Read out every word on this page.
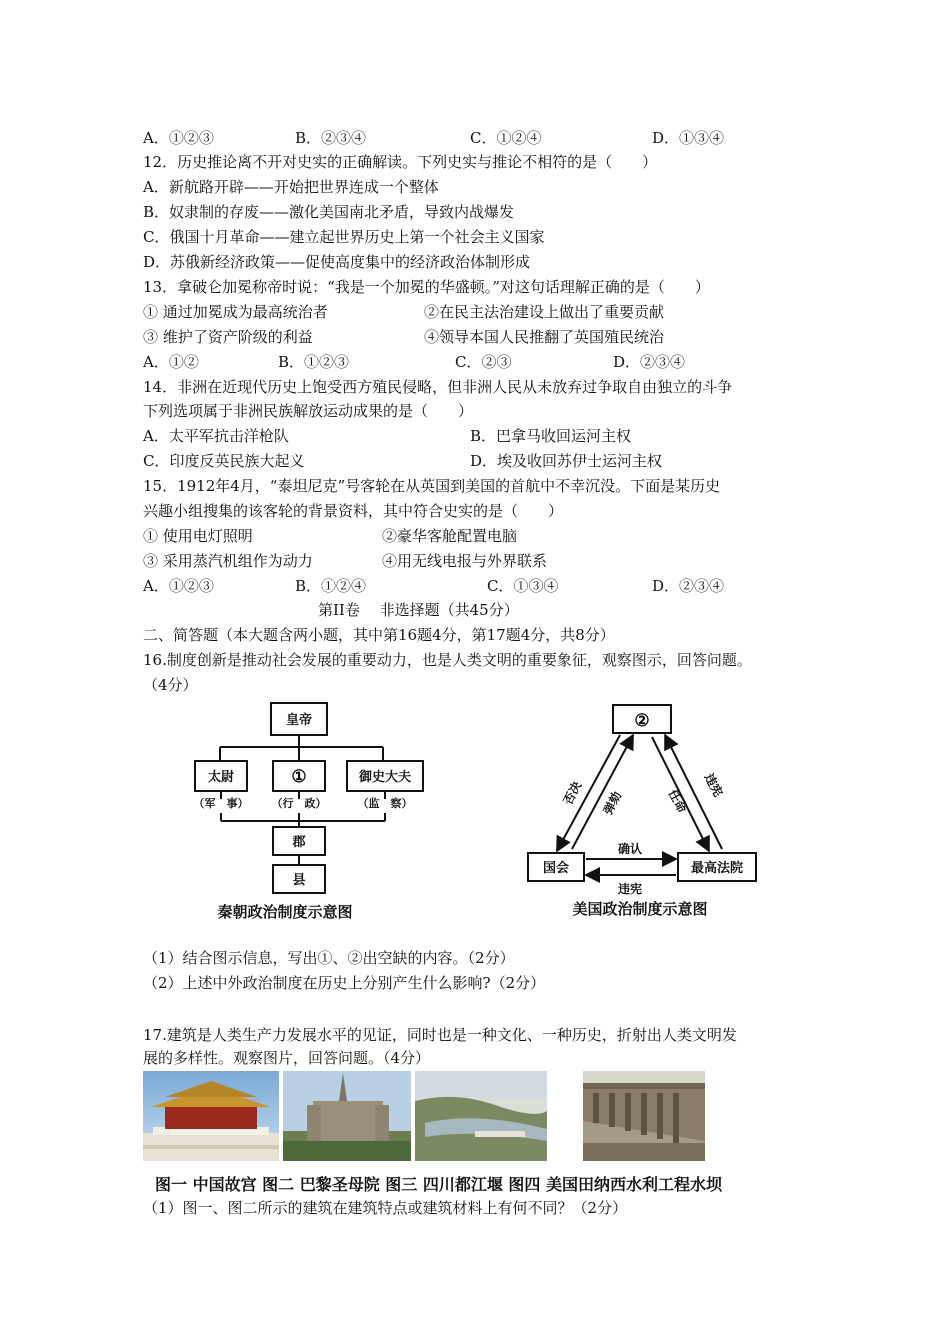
A．①②③	B．②③④	C．①②④	D．①③④
12．历史推论离不开对史实的正确解读。下列史实与推论不相符的是（　　）
A．新航路开辟——开始把世界连成一个整体
B．奴隶制的存废——激化美国南北矛盾，导致内战爆发
C．俄国十月革命——建立起世界历史上第一个社会主义国家
D．苏俄新经济政策——促使高度集中的经济政治体制形成
13．拿破仑加冕称帝时说：“我是一个加冕的华盛顿。”对这句话理解正确的是（　　）
① 通过加冕成为最高统治者	②在民主法治建设上做出了重要贡献
③ 维护了资产阶级的利益	④领导本国人民推翻了英国殖民统治
A．①②	B．①②③	C．②③	D．②③④
14．非洲在近现代历史上饱受西方殖民侵略，但非洲人民从未放弃过争取自由独立的斗争
下列选项属于非洲民族解放运动成果的是（　　）
A．太平军抗击洋枪队	B．巴拿马收回运河主权
C．印度反英民族大起义	D．埃及收回苏伊士运河主权
15．1912年4月，“泰坦尼克”号客轮在从英国到美国的首航中不幸沉没。下面是某历史
兴趣小组搜集的该客轮的背景资料，其中符合史实的是（　　）
① 使用电灯照明	②豪华客舱配置电脑
③ 采用蒸汽机组作为动力	④用无线电报与外界联系
A．①②③	B．①②④	C．①③④	D．②③④
第II卷　 非选择题（共45分）
二、简答题（本大题含两小题，其中第16题4分，第17题4分，共8分）
16.制度创新是推动社会发展的重要动力，也是人类文明的重要象征，观察图示，回答问题。
（4分）
皇帝
太尉	①	御史大夫
（军　事） （行　政）	（监　察）
郡
县
秦朝政治制度示意图
②
国会	最高法院
否决 弹劾	任命
违宪
确认
违宪
美国政治制度示意图
（1）结合图示信息，写出①、②出空缺的内容。（2分）
（2）上述中外政治制度在历史上分别产生什么影响?（2分）
17.建筑是人类生产力发展水平的见证，同时也是一种文化、一种历史，折射出人类文明发
展的多样性。观察图片，回答问题。（4分）
图一 中国故宫 图二 巴黎圣母院 图三 四川都江堰 图四 美国田纳西水利工程水坝
（1）图一、图二所示的建筑在建筑特点或建筑材料上有何不同？（2分）
